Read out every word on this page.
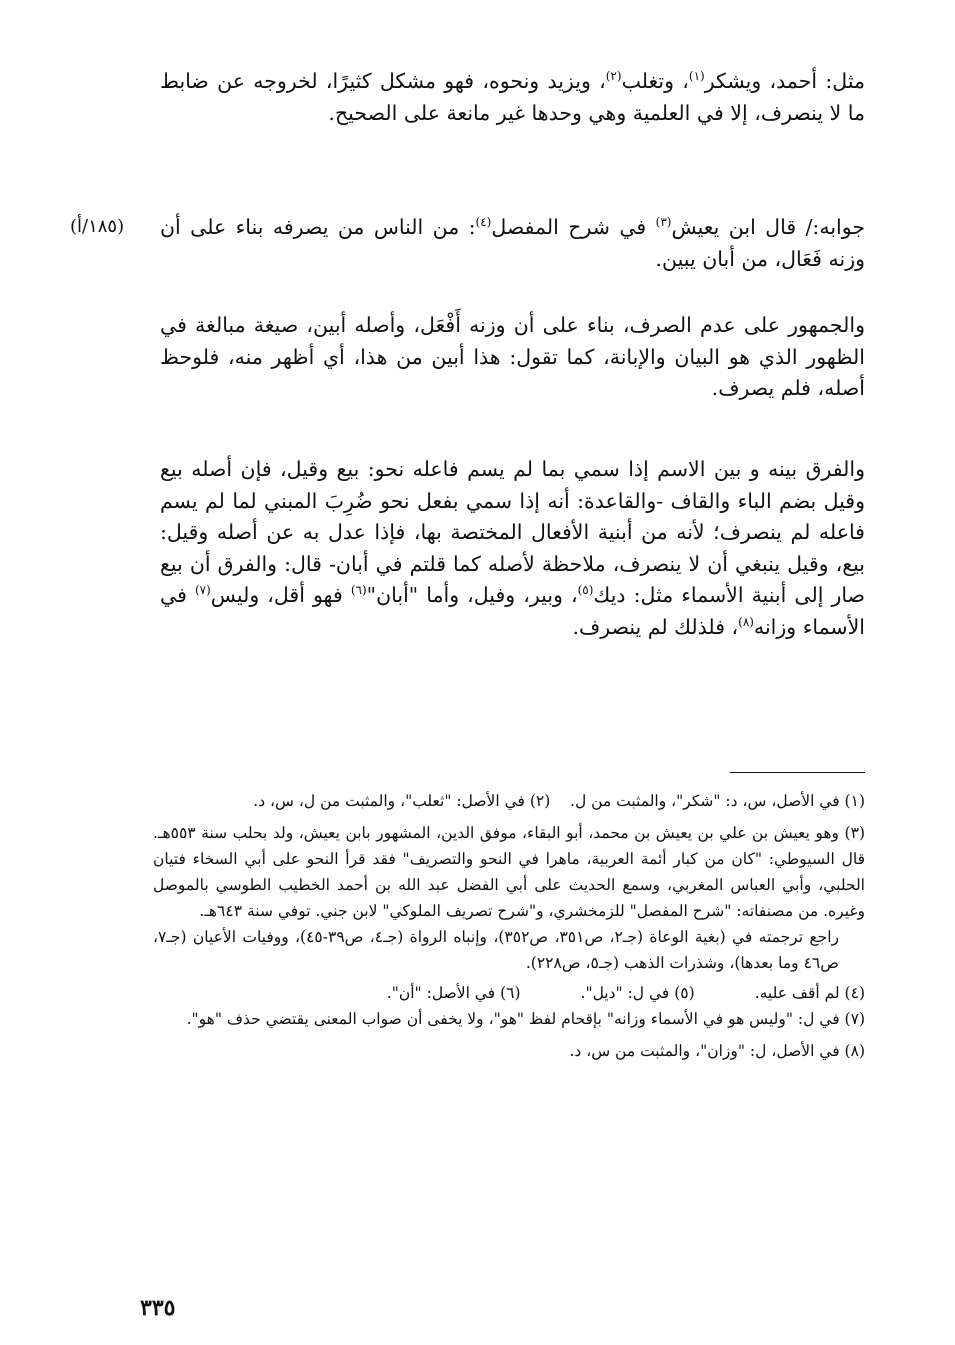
مثل: أحمد، ويشكر$^{(١)}$، وتغلب$^{(٢)}$، ويزيد ونحوه، فهو مشكل كثيرًا، لخروجه عن ضابط ما لا ينصرف، إلا في العلمية وهي وحدها غير مانعة على الصحيح.

جوابه:/ قال ابن يعيش$^{(٣)}$ في شرح المفصل$^{(٤)}$: من الناس من يصرفه بناء على أن وزنه فَعَال، من أبان يبين.

(١٨٥/أ)

والجمهور على عدم الصرف، بناء على أن وزنه أَفْعَل، وأصله أبين، صيغة مبالغة في الظهور الذي هو البيان والإبانة، كما تقول: هذا أبين من هذا، أي أظهر منه، فلوحظ أصله، فلم يصرف.

والفرق بينه و بين الاسم إذا سمي بما لم يسم فاعله نحو: بيع وقيل، فإن أصله بيع وقيل بضم الباء والقاف -والقاعدة: أنه إذا سمي بفعل نحو ضُرِبَ المبني لما لم يسم فاعله لم ينصرف؛ لأنه من أبنية الأفعال المختصة بها، فإذا عدل به عن أصله وقيل: بيع، وقيل ينبغي أن لا ينصرف، ملاحظة لأصله كما قلتم في أبان- قال: والفرق أن بيع صار إلى أبنية الأسماء مثل: ديك$^{(٥)}$، وبير، وفيل، وأما "أبان"$^{(٦)}$ فهو أقل، وليس$^{(٧)}$ في الأسماء وزانه$^{(٨)}$، فلذلك لم ينصرف.

(١) في الأصل، س، د: "شكر"، والمثبت من ل.    (٢) في الأصل: "ثعلب"، والمثبت من ل، س، د.
(٣) وهو يعيش بن علي بن يعيش بن محمد، أبو البقاء، موفق الدين، المشهور بابن يعيش، ولد بحلب سنة ٥٥٣هـ. قال السيوطي: "كان من كبار أئمة العربية، ماهرا في النحو والتصريف" فقد قرأ النحو على أبي السخاء فتيان الحلبي، وأبي العباس المغربي، وسمع الحديث على أبي الفضل عبد الله بن أحمد الخطيب الطوسي بالموصل وغيره. من مصنفاته: "شرح المفصل" للزمخشري، و"شرح تصريف الملوكي" لابن جني. توفي سنة ٦٤٣هـ.
راجع ترجمته في (بغية الوعاة (جـ٢، ص٣٥١، ص٣٥٢)، وإنباه الرواة (جـ٤، ص٣٩-٤٥)، ووفيات الأعيان (جـ٧، ص٤٦ وما بعدها)، وشذرات الذهب (جـ٥، ص٢٢٨).
(٤) لم أقف عليه.
(٥) في ل: "ديل".
(٦) في الأصل: "أن".
(٧) في ل: "وليس هو في الأسماء وزانه" بإقحام لفظ "هو"، ولا يخفى أن صواب المعنى يقتضي حذف "هو".
(٨) في الأصل، ل: "وزان"، والمثبت من س، د.
٣٣٥
